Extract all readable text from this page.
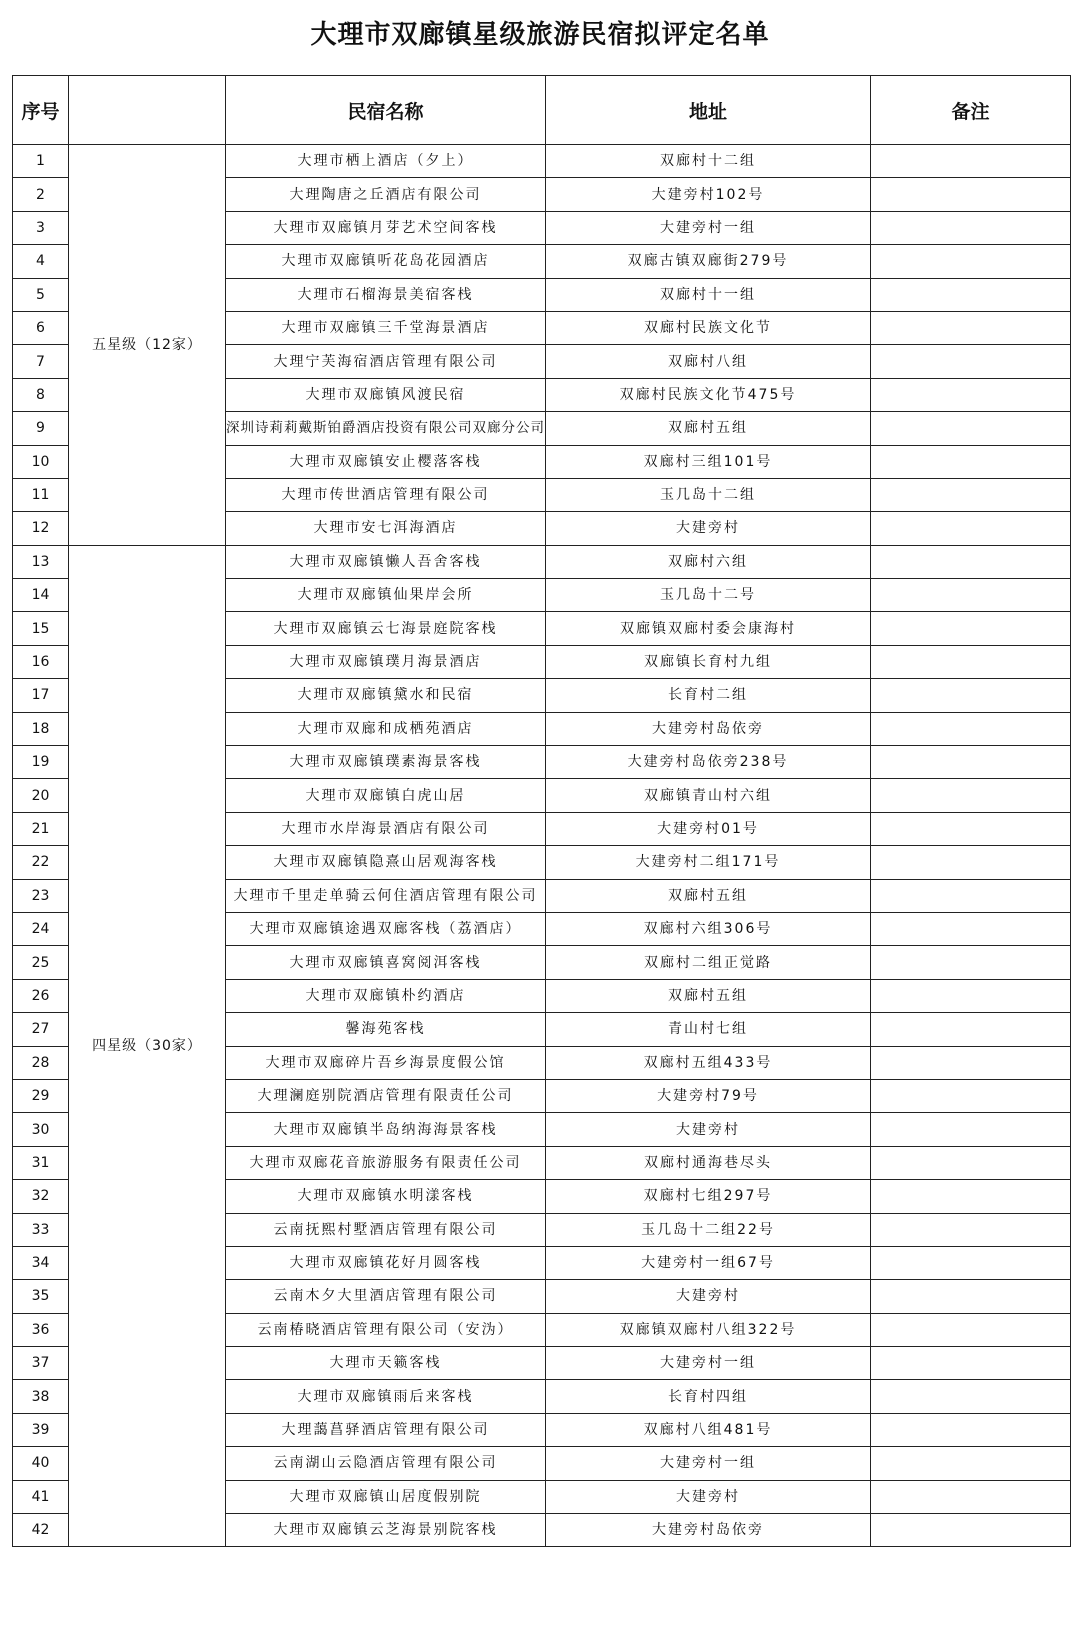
大理市双廊镇星级旅游民宿拟评定名单
序号		民宿名称	地址	备注
1	五星级（12家）	大理市栖上酒店（夕上）	双廊村十二组	
2		大理陶唐之丘酒店有限公司	大建旁村102号	
3		大理市双廊镇月芽艺术空间客栈	大建旁村一组	
4		大理市双廊镇听花岛花园酒店	双廊古镇双廊街279号	
5		大理市石榴海景美宿客栈	双廊村十一组	
6		大理市双廊镇三千堂海景酒店	双廊村民族文化节	
7		大理宁芙海宿酒店管理有限公司	双廊村八组	
8		大理市双廊镇风渡民宿	双廊村民族文化节475号	
9		深圳诗莉莉戴斯铂爵酒店投资有限公司双廊分公司	双廊村五组	
10		大理市双廊镇安止樱落客栈	双廊村三组101号	
11		大理市传世酒店管理有限公司	玉几岛十二组	
12		大理市安七洱海酒店	大建旁村	
13	四星级（30家）	大理市双廊镇懒人吾舍客栈	双廊村六组	
14		大理市双廊镇仙果岸会所	玉几岛十二号	
15		大理市双廊镇云七海景庭院客栈	双廊镇双廊村委会康海村	
16		大理市双廊镇璞月海景酒店	双廊镇长育村九组	
17		大理市双廊镇黛水和民宿	长育村二组	
18		大理市双廊和成栖苑酒店	大建旁村岛依旁	
19		大理市双廊镇璞素海景客栈	大建旁村岛依旁238号	
20		大理市双廊镇白虎山居	双廊镇青山村六组	
21		大理市水岸海景酒店有限公司	大建旁村01号	
22		大理市双廊镇隐熹山居观海客栈	大建旁村二组171号	
23		大理市千里走单骑云何住酒店管理有限公司	双廊村五组	
24		大理市双廊镇途遇双廊客栈（荔酒店）	双廊村六组306号	
25		大理市双廊镇喜窝阅洱客栈	双廊村二组正觉路	
26		大理市双廊镇朴约酒店	双廊村五组	
27		馨海苑客栈	青山村七组	
28		大理市双廊碎片吾乡海景度假公馆	双廊村五组433号	
29		大理澜庭别院酒店管理有限责任公司	大建旁村79号	
30		大理市双廊镇半岛纳海海景客栈	大建旁村	
31		大理市双廊花音旅游服务有限责任公司	双廊村通海巷尽头	
32		大理市双廊镇水明漾客栈	双廊村七组297号	
33		云南抚熙村墅酒店管理有限公司	玉几岛十二组22号	
34		大理市双廊镇花好月圆客栈	大建旁村一组67号	
35		云南木夕大里酒店管理有限公司	大建旁村	
36		云南椿晓酒店管理有限公司（安沩）	双廊镇双廊村八组322号	
37		大理市天籁客栈	大建旁村一组	
38		大理市双廊镇雨后来客栈	长育村四组	
39		大理藹菖驿酒店管理有限公司	双廊村八组481号	
40		云南湖山云隐酒店管理有限公司	大建旁村一组	
41		大理市双廊镇山居度假别院	大建旁村	
42		大理市双廊镇云芝海景别院客栈	大建旁村岛依旁	
